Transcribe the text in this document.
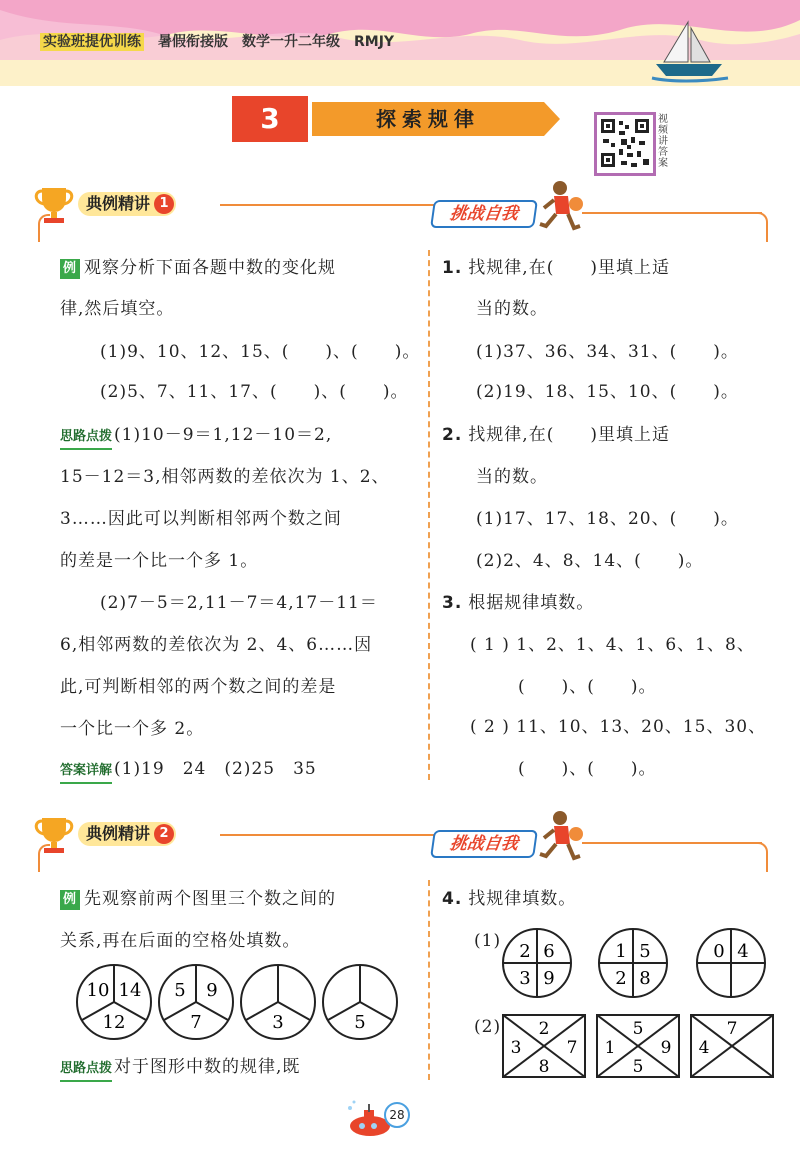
实验班提优训练 暑假衔接版 数学一升二年级 RMJY
3	探索规律	视频讲答案
典例精讲 1
挑战自我
例 观察分析下面各题中数的变化规
律,然后填空。
(1)9、10、12、15、(　　)、(　　)。
(2)5、7、11、17、(　　)、(　　)。
思路点拨 (1)10－9＝1,12－10＝2,
15－12＝3,相邻两数的差依次为 1、2、
3……因此可以判断相邻两个数之间
的差是一个比一个多 1。
(2)7－5＝2,11－7＝4,17－11＝
6,相邻两数的差依次为 2、4、6……因
此,可判断相邻的两个数之间的差是
一个比一个多 2。
答案详解 (1)19　24　(2)25　35
1. 找规律,在(　　)里填上适
当的数。
(1)37、36、34、31、(　　)。
(2)19、18、15、10、(　　)。
2. 找规律,在(　　)里填上适
当的数。
(1)17、17、18、20、(　　)。
(2)2、4、8、14、(　　)。
3. 根据规律填数。
( 1 ) 1、2、1、4、1、6、1、8、
(　　)、(　　)。
( 2 ) 11、10、13、20、15、30、
(　　)、(　　)。
典例精讲 2
挑战自我
例 先观察前两个图里三个数之间的
关系,再在后面的空格处填数。
10 14
12
5 9
7	3	5
思路点拨 对于图形中数的规律,既
4. 找规律填数。
(1) 2 6
3 9
1 5
2 8
0 4
(2) 2
3	7
8
5
1	9
5
7
4
28
